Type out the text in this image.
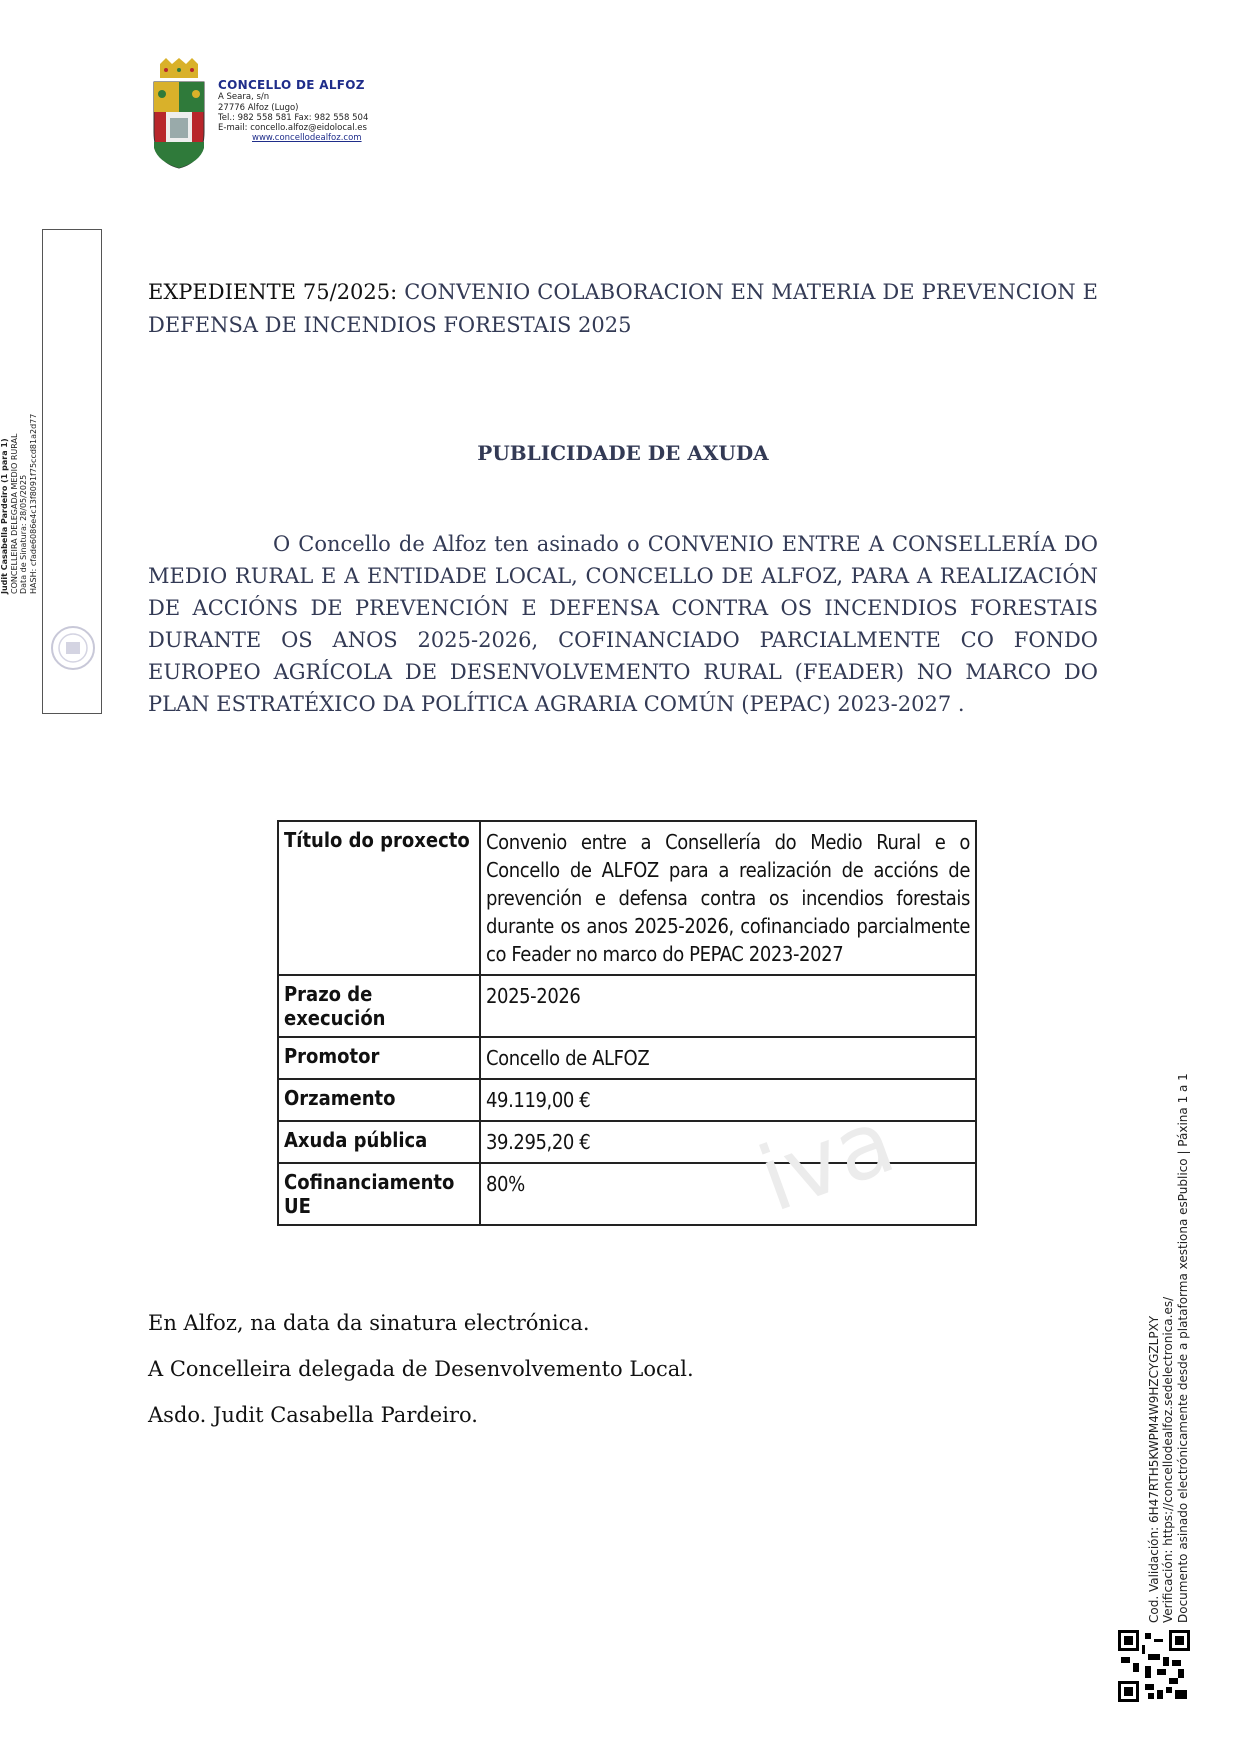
CONCELLO DE ALFOZ
A Seara, s/n
27776 Alfoz (Lugo)
Tel.: 982 558 581 Fax: 982 558 504
E-mail: concello.alfoz@eidolocal.es
www.concellodealfoz.com
Judit Casabella Pardeiro (1 para 1) CONCELLEIRA DELEGADA MEDIO RURAL Data de Sinatura: 28/05/2025 HASH: cfade6086e4c13f8091f75ccd81a2d77
Cod. Validación: 6H47RTH5KWPM4W9HZCYGZLPXY Verificación: https://concellodealfoz.sedelectronica.es/ Documento asinado electrónicamente desde a plataforma xestiona esPublico | Páxina 1 a 1
EXPEDIENTE 75/2025: CONVENIO COLABORACION EN MATERIA DE PREVENCION E DEFENSA DE INCENDIOS FORESTAIS 2025
PUBLICIDADE DE AXUDA
O Concello de Alfoz ten asinado o CONVENIO ENTRE A CONSELLERÍA DO MEDIO RURAL E A ENTIDADE LOCAL, CONCELLO DE ALFOZ, PARA A REALIZACIÓN DE ACCIÓNS DE PREVENCIÓN E DEFENSA CONTRA OS INCENDIOS FORESTAIS DURANTE OS ANOS 2025-2026, COFINANCIADO PARCIALMENTE CO FONDO EUROPEO AGRÍCOLA DE DESENVOLVEMENTO RURAL (FEADER) NO MARCO DO PLAN ESTRATÉXICO DA POLÍTICA AGRARIA COMÚN (PEPAC) 2023-2027 .
Título do proxecto	Convenio entre a Consellería do Medio Rural e o Concello de ALFOZ para a realización de accións de prevención e defensa contra os incendios forestais durante os anos 2025-2026, cofinanciado parcialmente co Feader no marco do PEPAC 2023-2027
Prazo de execución	2025-2026
Promotor	Concello de ALFOZ
Orzamento	49.119,00 €
Axuda pública	39.295,20 €
Cofinanciamento UE	80% iva
En Alfoz, na data da sinatura electrónica.
A Concelleira delegada de Desenvolvemento Local.
Asdo. Judit Casabella Pardeiro.
